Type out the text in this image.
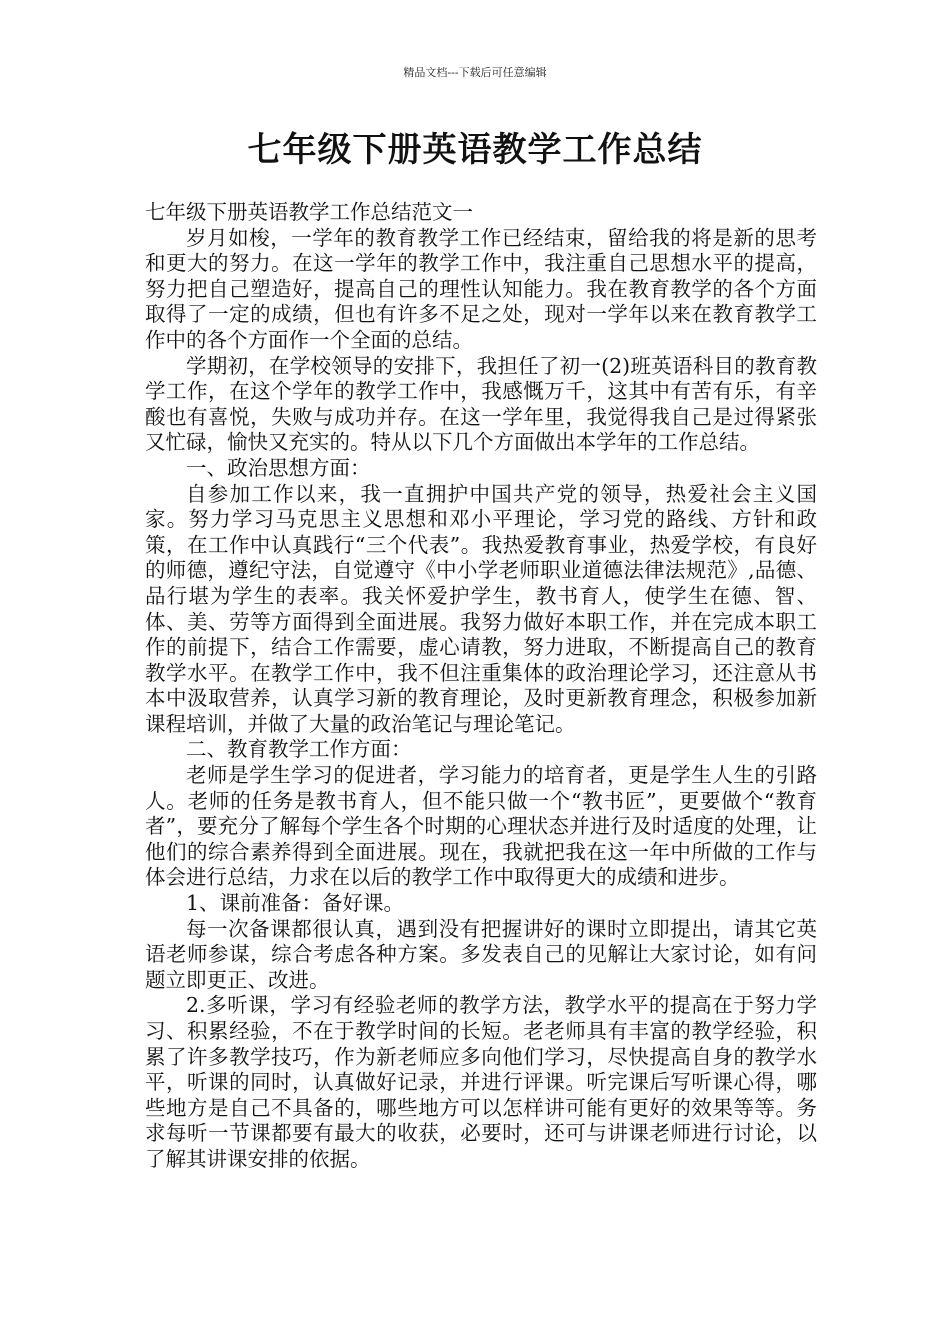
精品文档---下载后可任意编辑
七年级下册英语教学工作总结

七年级下册英语教学工作总结范文一

岁月如梭，一学年的教育教学工作已经结束，留给我的将是新的思考和更大的努力。在这一学年的教学工作中，我注重自己思想水平的提高，努力把自己塑造好，提高自己的理性认知能力。我在教育教学的各个方面取得了一定的成绩，但也有许多不足之处，现对一学年以来在教育教学工作中的各个方面作一个全面的总结。

学期初，在学校领导的安排下，我担任了初一(2)班英语科目的教育教学工作，在这个学年的教学工作中，我感慨万千，这其中有苦有乐，有辛酸也有喜悦，失败与成功并存。在这一学年里，我觉得我自己是过得紧张又忙碌，愉快又充实的。特从以下几个方面做出本学年的工作总结。

一、政治思想方面：

自参加工作以来，我一直拥护中国共产党的领导，热爱社会主义国家。努力学习马克思主义思想和邓小平理论，学习党的路线、方针和政策，在工作中认真践行“三个代表”。我热爱教育事业，热爱学校，有良好的师德，遵纪守法，自觉遵守《中小学老师职业道德法律法规范》,品德、品行堪为学生的表率。我关怀爱护学生，教书育人，使学生在德、智、体、美、劳等方面得到全面进展。我努力做好本职工作，并在完成本职工作的前提下，结合工作需要，虚心请教，努力进取，不断提高自己的教育教学水平。在教学工作中，我不但注重集体的政治理论学习，还注意从书本中汲取营养，认真学习新的教育理论，及时更新教育理念，积极参加新课程培训，并做了大量的政治笔记与理论笔记。

二、教育教学工作方面：

老师是学生学习的促进者，学习能力的培育者，更是学生人生的引路人。老师的任务是教书育人，但不能只做一个“教书匠”，更要做个“教育者”，要充分了解每个学生各个时期的心理状态并进行及时适度的处理，让他们的综合素养得到全面进展。现在，我就把我在这一年中所做的工作与体会进行总结，力求在以后的教学工作中取得更大的成绩和进步。

1、课前准备：备好课。

每一次备课都很认真，遇到没有把握讲好的课时立即提出，请其它英语老师参谋，综合考虑各种方案。多发表自己的见解让大家讨论，如有问题立即更正、改进。

2.多听课，学习有经验老师的教学方法，教学水平的提高在于努力学习、积累经验，不在于教学时间的长短。老老师具有丰富的教学经验，积累了许多教学技巧，作为新老师应多向他们学习，尽快提高自身的教学水平，听课的同时，认真做好记录，并进行评课。听完课后写听课心得，哪些地方是自己不具备的，哪些地方可以怎样讲可能有更好的效果等等。务求每听一节课都要有最大的收获，必要时，还可与讲课老师进行讨论，以了解其讲课安排的依据。
